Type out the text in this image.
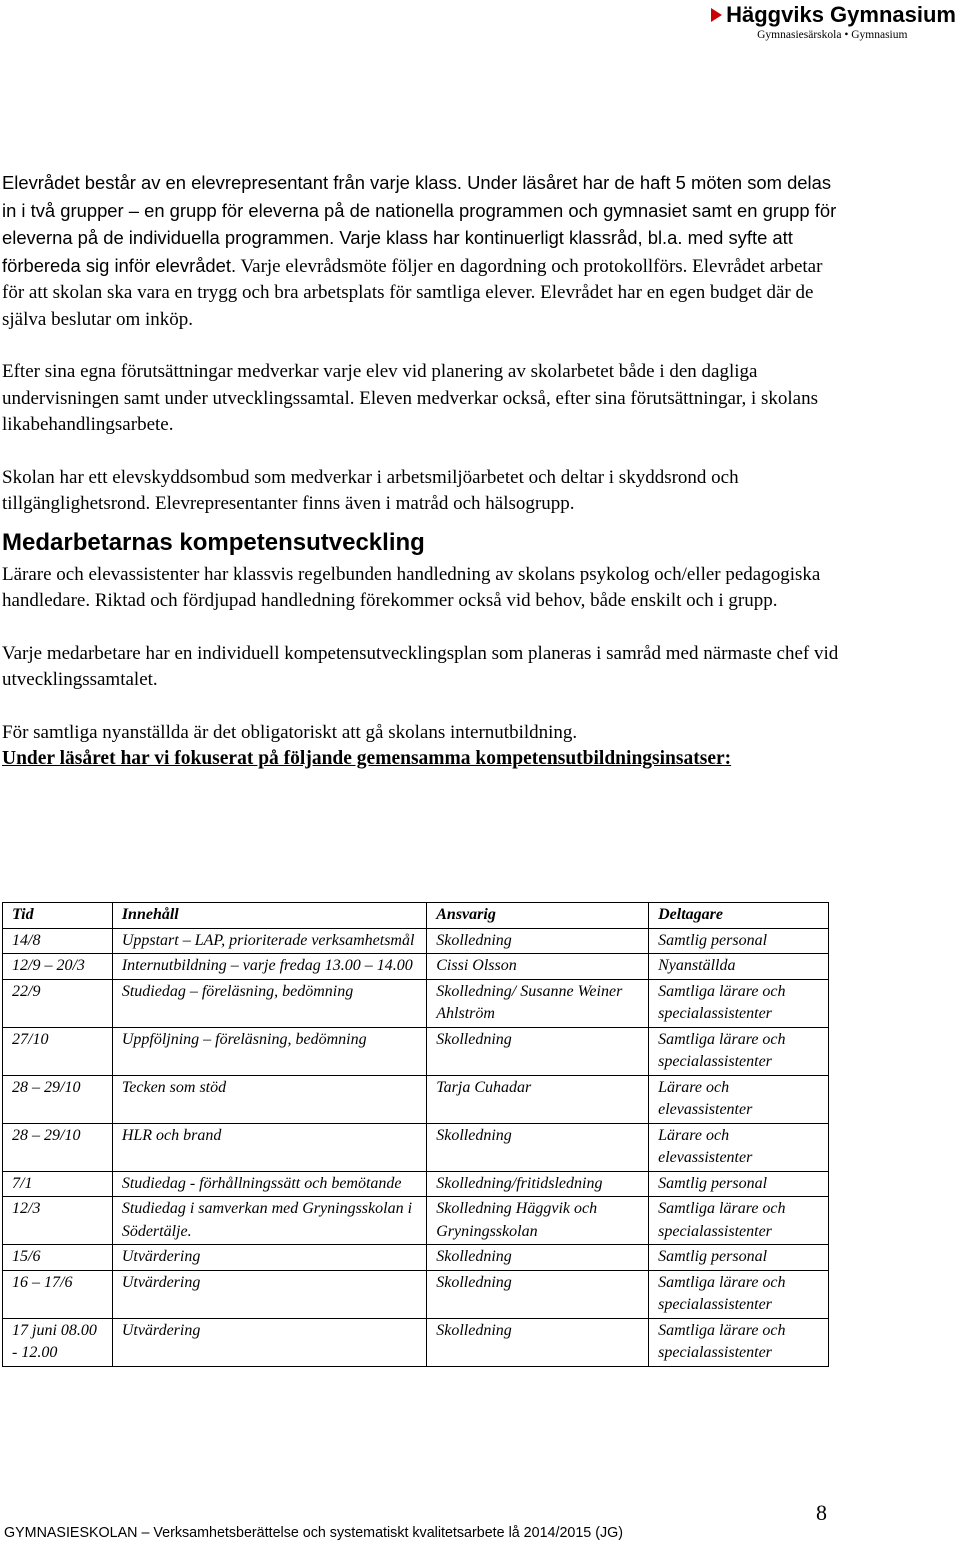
Häggviks Gymnasium
Gymnasiesärskola • Gymnasium

Elevrådet består av en elevrepresentant från varje klass. Under läsåret har de haft 5 möten som delas in i två grupper – en grupp för eleverna på de nationella programmen och gymnasiet samt en grupp för eleverna på de individuella programmen. Varje klass har kontinuerligt klassråd, bl.a. med syfte att förbereda sig inför elevrådet. Varje elevrådsmöte följer en dagordning och protokollförs. Elevrådet arbetar för att skolan ska vara en trygg och bra arbetsplats för samtliga elever. Elevrådet har en egen budget där de själva beslutar om inköp.

Efter sina egna förutsättningar medverkar varje elev vid planering av skolarbetet både i den dagliga undervisningen samt under utvecklingssamtal. Eleven medverkar också, efter sina förutsättningar, i skolans likabehandlingsarbete.

Skolan har ett elevskyddsombud som medverkar i arbetsmiljöarbetet och deltar i skyddsrond och tillgänglighetsrond. Elevrepresentanter finns även i matråd och hälsogrupp.

Medarbetarnas kompetensutveckling

Lärare och elevassistenter har klassvis regelbunden handledning av skolans psykolog och/eller pedagogiska handledare. Riktad och fördjupad handledning förekommer också vid behov, både enskilt och i grupp.

Varje medarbetare har en individuell kompetensutvecklingsplan som planeras i samråd med närmaste chef vid utvecklingssamtalet.

För samtliga nyanställda är det obligatoriskt att gå skolans internutbildning.

Under läsåret har vi fokuserat på följande gemensamma kompetensutbildningsinsatser:

Tid	Innehåll	Ansvarig	Deltagare
14/8	Uppstart – LAP, prioriterade verksamhetsmål	Skolledning	Samtlig personal
12/9 – 20/3	Internutbildning – varje fredag 13.00 – 14.00	Cissi Olsson	Nyanställda
22/9	Studiedag – föreläsning, bedömning	Skolledning/ Susanne Weiner Ahlström	Samtliga lärare och specialassistenter
27/10	Uppföljning – föreläsning, bedömning	Skolledning	Samtliga lärare och specialassistenter
28 – 29/10	Tecken som stöd	Tarja Cuhadar	Lärare och elevassistenter
28 – 29/10	HLR och brand	Skolledning	Lärare och elevassistenter
7/1	Studiedag - förhållningssätt och bemötande	Skolledning/fritidsledning	Samtlig personal
12/3	Studiedag i samverkan med Gryningsskolan i Södertälje.	Skolledning Häggvik och Gryningsskolan	Samtliga lärare och specialassistenter
15/6	Utvärdering	Skolledning	Samtlig personal
16 – 17/6	Utvärdering	Skolledning	Samtliga lärare och specialassistenter
17 juni 08.00 - 12.00	Utvärdering	Skolledning	Samtliga lärare och specialassistenter
8
GYMNASIESKOLAN – Verksamhetsberättelse och systematiskt kvalitetsarbete lå 2014/2015 (JG)
